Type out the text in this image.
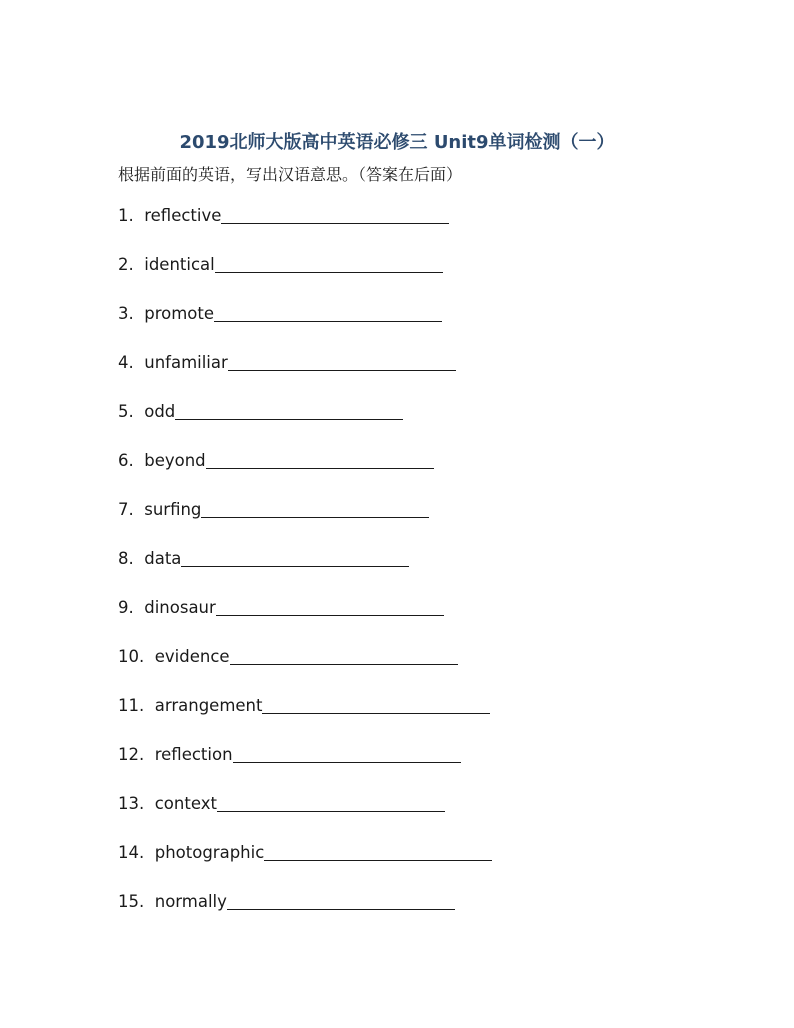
2019北师大版高中英语必修三 Unit9单词检测（一）
根据前面的英语，写出汉语意思。（答案在后面）
1. reflective
2. identical
3. promote
4. unfamiliar
5. odd
6. beyond
7. surfing
8. data
9. dinosaur
10. evidence
11. arrangement
12. reflection
13. context
14. photographic
15. normally
